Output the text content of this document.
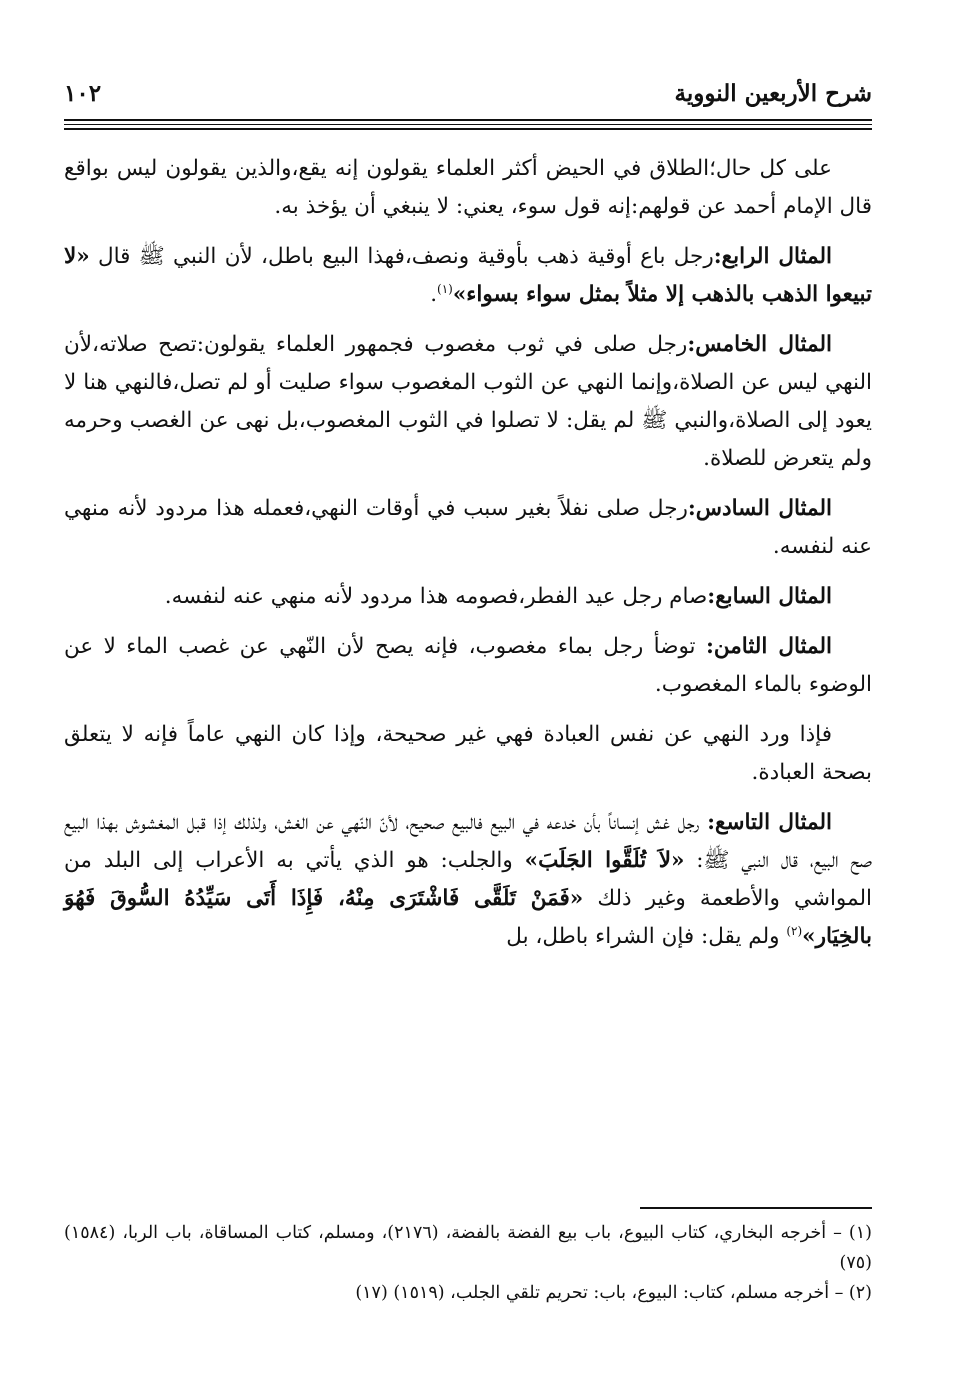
شرح الأربعين النووية
١٠٢

على كل حال؛الطلاق في الحيض أكثر العلماء يقولون إنه يقع،والذين يقولون ليس بواقع قال الإمام أحمد عن قولهم:إنه قول سوء، يعني: لا ينبغي أن يؤخذ به.

المثال الرابع:رجل باع أوقية ذهب بأوقية ونصف،فهذا البيع باطل، لأن النبي ﷺ قال «لا تبيعوا الذهب بالذهب إلا مثلاً بمثل سواء بسواء»$^{(١)}$.

المثال الخامس:رجل صلى في ثوب مغصوب فجمهور العلماء يقولون:تصح صلاته،لأن النهي ليس عن الصلاة،وإنما النهي عن الثوب المغصوب سواء صليت أو لم تصل،فالنهي هنا لا يعود إلى الصلاة،والنبي ﷺ لم يقل: لا تصلوا في الثوب المغصوب،بل نهى عن الغصب وحرمه ولم يتعرض للصلاة.

المثال السادس:رجل صلى نفلاً بغير سبب في أوقات النهي،فعمله هذا مردود لأنه منهي عنه لنفسه.

المثال السابع:صام رجل عيد الفطر،فصومه هذا مردود لأنه منهي عنه لنفسه.

المثال الثامن: توضأ رجل بماء مغصوب، فإنه يصح لأن النّهي عن غصب الماء لا عن الوضوء بالماء المغصوب.

فإذا ورد النهي عن نفس العبادة فهي غير صحيحة، وإذا كان النهي عاماً فإنه لا يتعلق بصحة العبادة.

المثال التاسع: رجل غش إنساناً بأن خدعه في البيع فالبيع صحيح، لأنّ النّهي عن الغش، ولذلك إذا قبل المغشوش بهذا البيع صح البيع، قال النبي ﷺ: «لاَ تُلَقَّوا الجَلَبَ» والجلب: هو الذي يأتي به الأعراب إلى البلد من المواشي والأطعمة وغير ذلك «فَمَنْ تَلَقَّى فَاشْتَرَى مِنْهُ، فَإِذَا أَتَى سَيِّدُهُ السُّوقَ فَهُوَ بالخِيَار»$^{(٢)}$ ولم يقل: فإن الشراء باطل، بل

(١) – أخرجه البخاري، كتاب البيوع، باب بيع الفضة بالفضة، (٢١٧٦)، ومسلم، كتاب المساقاة، باب الربا، (١٥٨٤) (٧٥)

(٢) – أخرجه مسلم، كتاب: البيوع، باب: تحريم تلقي الجلب، (١٥١٩) (١٧)
